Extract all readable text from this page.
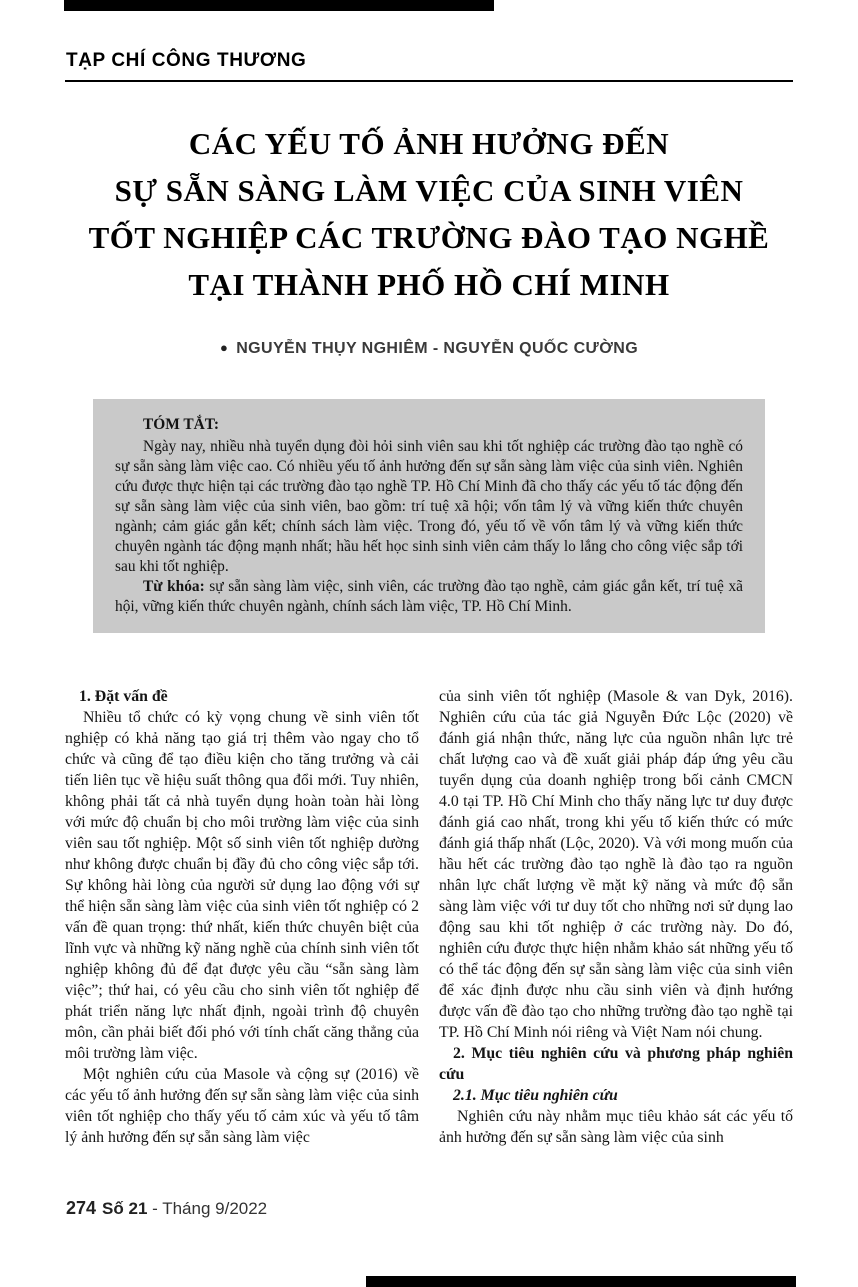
TẠP CHÍ CÔNG THƯƠNG
CÁC YẾU TỐ ẢNH HƯỞNG ĐẾN
SỰ SẴN SÀNG LÀM VIỆC CỦA SINH VIÊN
TỐT NGHIỆP CÁC TRƯỜNG ĐÀO TẠO NGHỀ
TẠI THÀNH PHỐ HỒ CHÍ MINH
● NGUYỄN THỤY NGHIÊM - NGUYỄN QUỐC CƯỜNG
TÓM TẮT:

Ngày nay, nhiều nhà tuyển dụng đòi hỏi sinh viên sau khi tốt nghiệp các trường đào tạo nghề có sự sẵn sàng làm việc cao. Có nhiều yếu tố ảnh hưởng đến sự sẵn sàng làm việc của sinh viên. Nghiên cứu được thực hiện tại các trường đào tạo nghề TP. Hồ Chí Minh đã cho thấy các yếu tố tác động đến sự sẵn sàng làm việc của sinh viên, bao gồm: trí tuệ xã hội; vốn tâm lý và vững kiến thức chuyên ngành; cảm giác gắn kết; chính sách làm việc. Trong đó, yếu tố về vốn tâm lý và vững kiến thức chuyên ngành tác động mạnh nhất; hầu hết học sinh sinh viên cảm thấy lo lắng cho công việc sắp tới sau khi tốt nghiệp.

Từ khóa: sự sẵn sàng làm việc, sinh viên, các trường đào tạo nghề, cảm giác gắn kết, trí tuệ xã hội, vững kiến thức chuyên ngành, chính sách làm việc, TP. Hồ Chí Minh.

1. Đặt vấn đề

Nhiều tổ chức có kỳ vọng chung về sinh viên tốt nghiệp có khả năng tạo giá trị thêm vào ngay cho tổ chức và cũng để tạo điều kiện cho tăng trưởng và cải tiến liên tục về hiệu suất thông qua đổi mới. Tuy nhiên, không phải tất cả nhà tuyển dụng hoàn toàn hài lòng với mức độ chuẩn bị cho môi trường làm việc của sinh viên sau tốt nghiệp. Một số sinh viên tốt nghiệp dường như không được chuẩn bị đầy đủ cho công việc sắp tới. Sự không hài lòng của người sử dụng lao động với sự thể hiện sẵn sàng làm việc của sinh viên tốt nghiệp có 2 vấn đề quan trọng: thứ nhất, kiến thức chuyên biệt của lĩnh vực và những kỹ năng nghề của chính sinh viên tốt nghiệp không đủ để đạt được yêu cầu “sẵn sàng làm việc”; thứ hai, có yêu cầu cho sinh viên tốt nghiệp để phát triển năng lực nhất định, ngoài trình độ chuyên môn, cần phải biết đối phó với tính chất căng thẳng của môi trường làm việc.

Một nghiên cứu của Masole và cộng sự (2016) về các yếu tố ảnh hưởng đến sự sẵn sàng làm việc của sinh viên tốt nghiệp cho thấy yếu tố cảm xúc và yếu tố tâm lý ảnh hưởng đến sự sẵn sàng làm việc

của sinh viên tốt nghiệp (Masole & van Dyk, 2016). Nghiên cứu của tác giả Nguyễn Đức Lộc (2020) về đánh giá nhận thức, năng lực của nguồn nhân lực trẻ chất lượng cao và đề xuất giải pháp đáp ứng yêu cầu tuyển dụng của doanh nghiệp trong bối cảnh CMCN 4.0 tại TP. Hồ Chí Minh cho thấy năng lực tư duy được đánh giá cao nhất, trong khi yếu tố kiến thức có mức đánh giá thấp nhất (Lộc, 2020). Và với mong muốn của hầu hết các trường đào tạo nghề là đào tạo ra nguồn nhân lực chất lượng về mặt kỹ năng và mức độ sẵn sàng làm việc với tư duy tốt cho những nơi sử dụng lao động sau khi tốt nghiệp ở các trường này. Do đó, nghiên cứu được thực hiện nhằm khảo sát những yếu tố có thể tác động đến sự sẵn sàng làm việc của sinh viên để xác định được nhu cầu sinh viên và định hướng được vấn đề đào tạo cho những trường đào tạo nghề tại TP. Hồ Chí Minh nói riêng và Việt Nam nói chung.

2. Mục tiêu nghiên cứu và phương pháp nghiên cứu

2.1. Mục tiêu nghiên cứu

Nghiên cứu này nhằm mục tiêu khảo sát các yếu tố ảnh hưởng đến sự sẵn sàng làm việc của sinh

274 Số 21 - Tháng 9/2022
